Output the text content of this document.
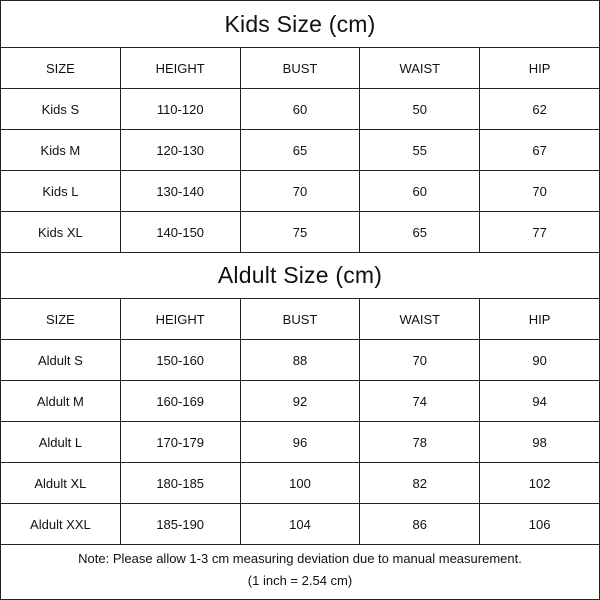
Kids Size (cm)
SIZE	HEIGHT	BUST	WAIST	HIP
Kids S	110-120	60	50	62
Kids M	120-130	65	55	67
Kids L	130-140	70	60	70
Kids XL	140-150	75	65	77
Aldult Size (cm)
SIZE	HEIGHT	BUST	WAIST	HIP
Aldult S	150-160	88	70	90
Aldult M	160-169	92	74	94
Aldult L	170-179	96	78	98
Aldult XL	180-185	100	82	102
Aldult XXL	185-190	104	86	106
Note: Please allow 1-3 cm measuring deviation due to manual measurement.
(1 inch = 2.54 cm)
